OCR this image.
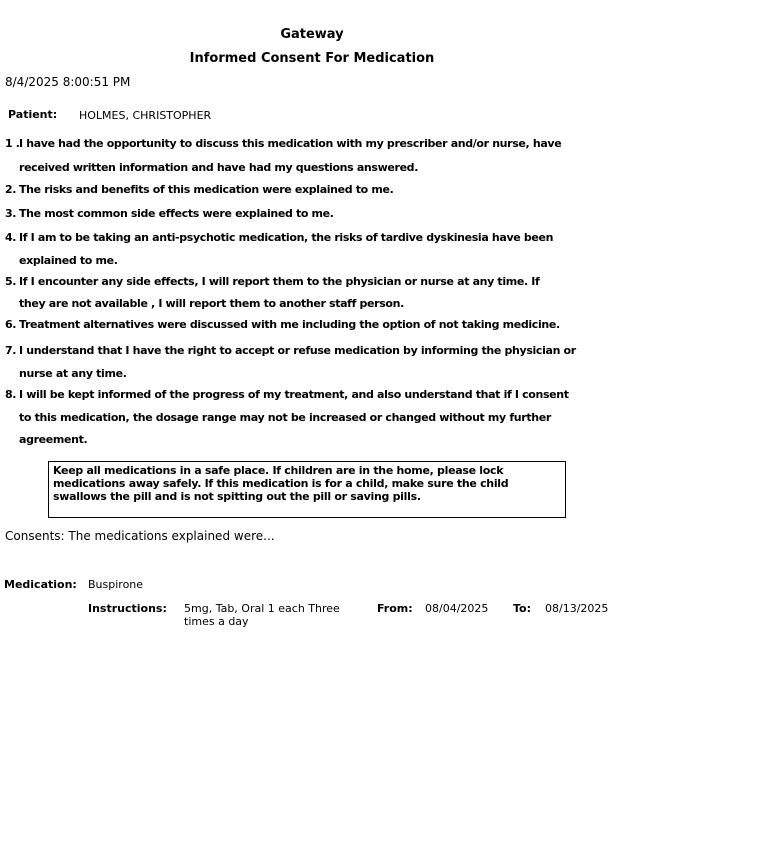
Gateway
Informed Consent For Medication
8/4/2025 8:00:51 PM
Patient: HOLMES, CHRISTOPHER
1 .I have had the opportunity to discuss this medication with my prescriber and/or nurse, have
received written information and have had my questions answered.
2. The risks and benefits of this medication were explained to me.
3. The most common side effects were explained to me.
4. If I am to be taking an anti-psychotic medication, the risks of tardive dyskinesia have been
explained to me.
5. If I encounter any side effects, I will report them to the physician or nurse at any time. If
they are not available , I will report them to another staff person.
6. Treatment alternatives were discussed with me including the option of not taking medicine.
7. I understand that I have the right to accept or refuse medication by informing the physician or
nurse at any time.
8. I will be kept informed of the progress of my treatment, and also understand that if I consent
to this medication, the dosage range may not be increased or changed without my further
agreement.
Keep all medications in a safe place. If children are in the home, please lock
medications away safely. If this medication is for a child, make sure the child
swallows the pill and is not spitting out the pill or saving pills.
Consents: The medications explained were...
Medication: Buspirone
Instructions: 5mg, Tab, Oral 1 each Three times a day
From: 08/04/2025 To: 08/13/2025
